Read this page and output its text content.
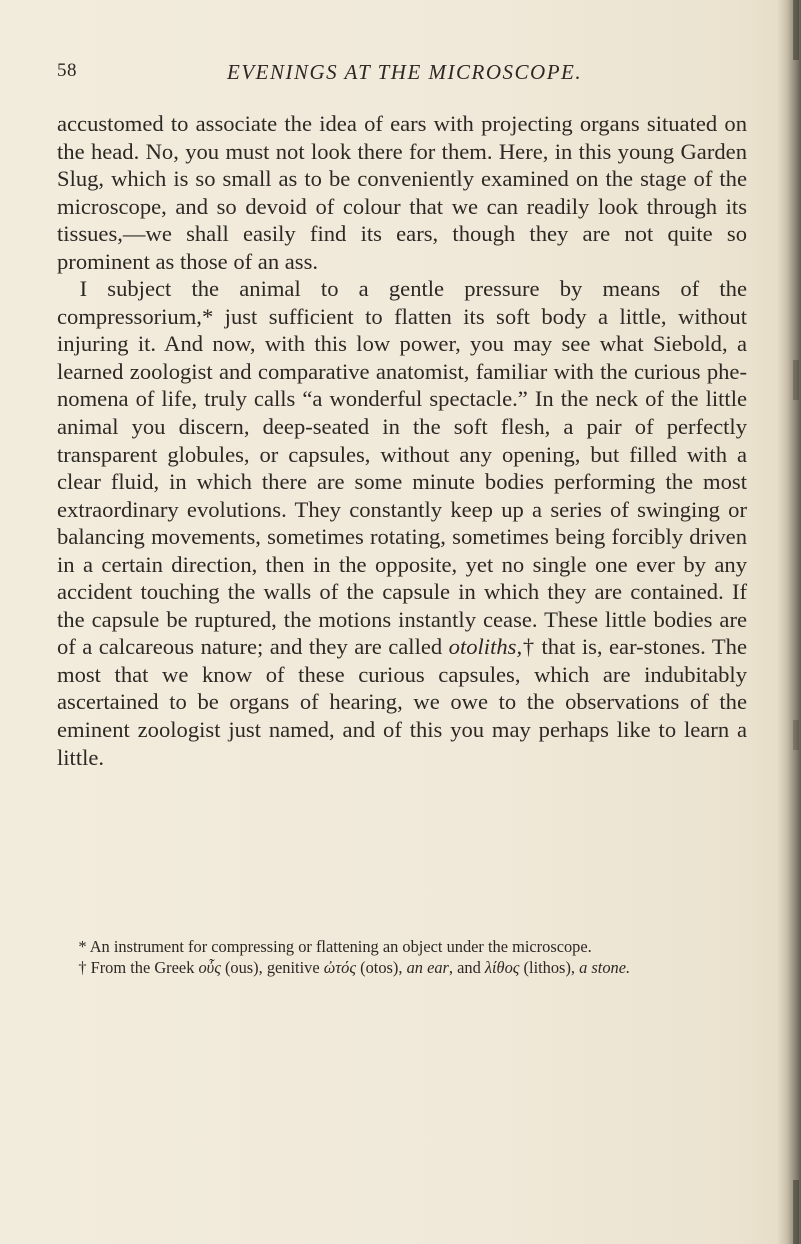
58	EVENINGS AT THE MICROSCOPE.

accustomed to associate the idea of ears with projecting organs situated on the head. No, you must not look there for them. Here, in this young Garden Slug, which is so small as to be conveniently examined on the stage of the microscope, and so devoid of colour that we can readily look through its tissues,—we shall easily find its ears, though they are not quite so prominent as those of an ass.

I subject the animal to a gentle pressure by means of the compressorium,* just sufficient to flatten its soft body a little, without injuring it. And now, with this low power, you may see what Siebold, a learned zoologist and comparative anatomist, familiar with the curious phenomena of life, truly calls “a wonderful spectacle.” In the neck of the little animal you discern, deep-seated in the soft flesh, a pair of perfectly transparent globules, or capsules, without any opening, but filled with a clear fluid, in which there are some minute bodies performing the most extraordinary evolutions. They constantly keep up a series of swinging or balancing movements, sometimes rotating, sometimes being forcibly driven in a certain direction, then in the opposite, yet no single one ever by any accident touching the walls of the capsule in which they are contained. If the capsule be ruptured, the motions instantly cease. These little bodies are of a calcareous nature; and they are called otoliths,† that is, ear-stones. The most that we know of these curious capsules, which are indubitably ascertained to be organs of hearing, we owe to the observations of the eminent zoologist just named, and of this you may perhaps like to learn a little.

* An instrument for compressing or flattening an object under the microscope.

† From the Greek οὖς (ous), genitive ὠτός (otos), an ear, and λίθος (lithos), a stone.
